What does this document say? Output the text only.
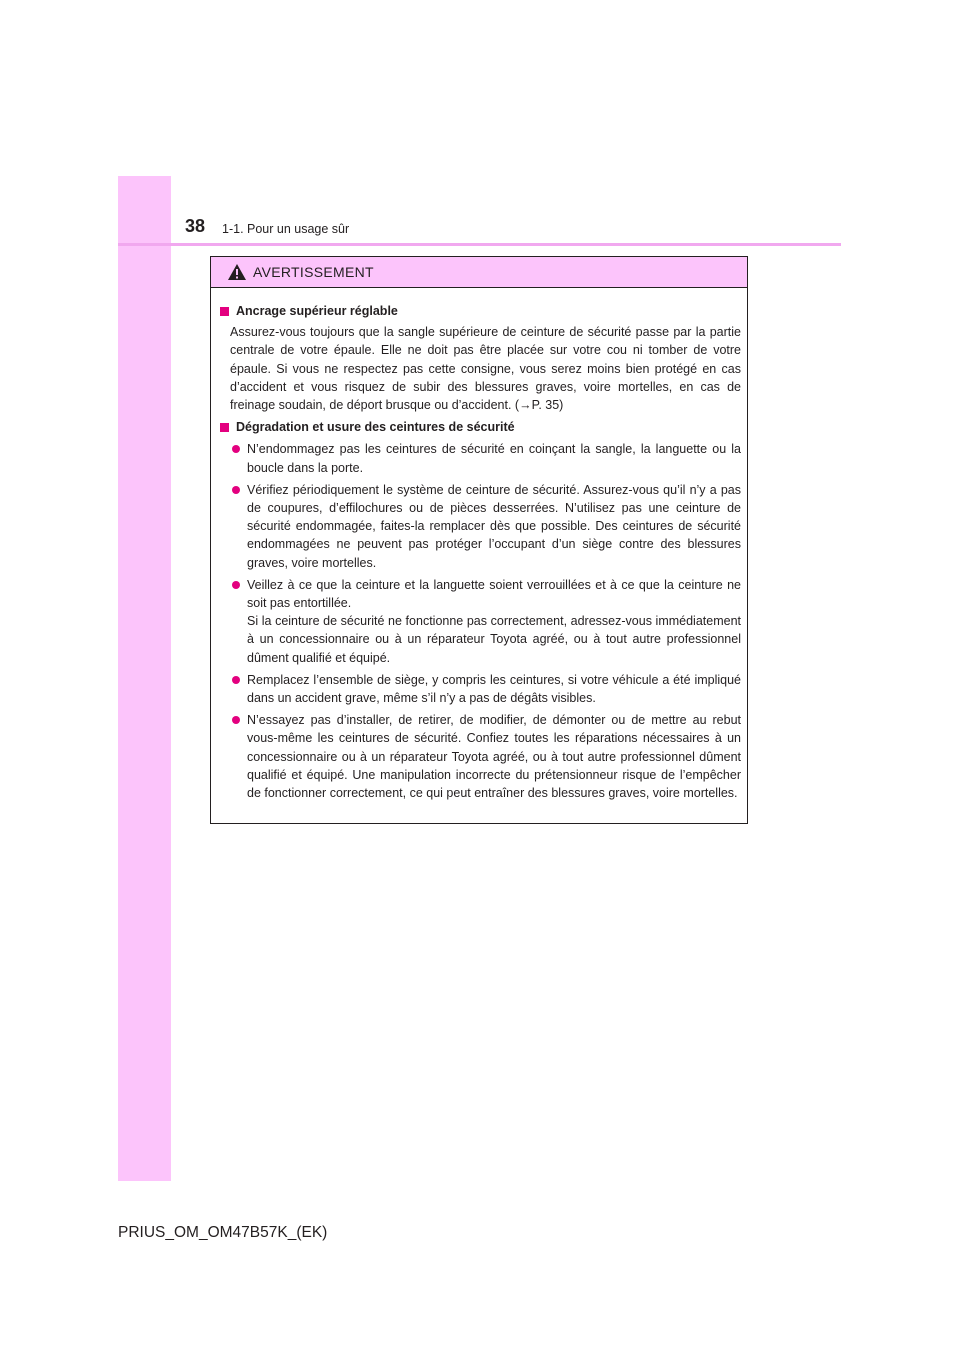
38 1-1. Pour un usage sûr
AVERTISSEMENT
Ancrage supérieur réglable
Assurez-vous toujours que la sangle supérieure de ceinture de sécurité passe par la partie centrale de votre épaule. Elle ne doit pas être placée sur votre cou ni tomber de votre épaule. Si vous ne respectez pas cette consigne, vous serez moins bien protégé en cas d’accident et vous risquez de subir des blessures graves, voire mortelles, en cas de freinage soudain, de déport brusque ou d’accident. (→P. 35)
Dégradation et usure des ceintures de sécurité
N’endommagez pas les ceintures de sécurité en coinçant la sangle, la languette ou la boucle dans la porte.
Vérifiez périodiquement le système de ceinture de sécurité. Assurez-vous qu’il n’y a pas de coupures, d’effilochures ou de pièces desserrées. N’utilisez pas une ceinture de sécurité endommagée, faites-la remplacer dès que possible. Des ceintures de sécurité endommagées ne peuvent pas protéger l’occupant d’un siège contre des blessures graves, voire mortelles.
Veillez à ce que la ceinture et la languette soient verrouillées et à ce que la ceinture ne soit pas entortillée.
Si la ceinture de sécurité ne fonctionne pas correctement, adressez-vous immédiatement à un concessionnaire ou à un réparateur Toyota agréé, ou à tout autre professionnel dûment qualifié et équipé.
Remplacez l’ensemble de siège, y compris les ceintures, si votre véhicule a été impliqué dans un accident grave, même s’il n’y a pas de dégâts visibles.
N’essayez pas d’installer, de retirer, de modifier, de démonter ou de mettre au rebut vous-même les ceintures de sécurité. Confiez toutes les réparations nécessaires à un concessionnaire ou à un réparateur Toyota agréé, ou à tout autre professionnel dûment qualifié et équipé. Une manipulation incorrecte du prétensionneur risque de l’empêcher de fonctionner correctement, ce qui peut entraîner des blessures graves, voire mortelles.
PRIUS_OM_OM47B57K_(EK)
